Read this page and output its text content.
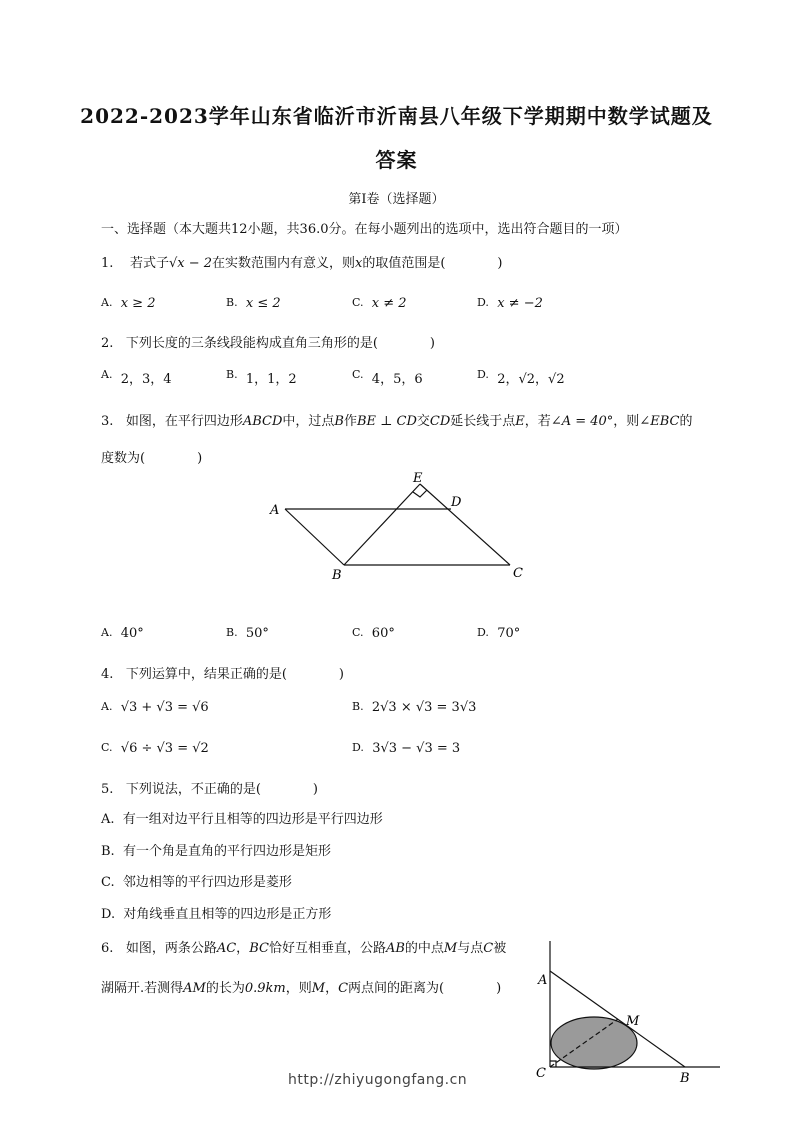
2022-2023学年山东省临沂市沂南县八年级下学期期中数学试题及
答案
第Ⅰ卷（选择题）
一、选择题（本大题共12小题，共36.0分。在每小题列出的选项中，选出符合题目的一项）
1. 若式子√x − 2在实数范围内有意义，则x的取值范围是(　　　　)
$^{A.}$ x ≥ 2	$^{B.}$ x ≤ 2	$^{C.}$ x ≠ 2	$^{D.}$ x ≠ −2
2. 下列长度的三条线段能构成直角三角形的是(　　　　)
$^{A.}$ 2，3，4	$^{B.}$ 1，1，2	$^{C.}$ 4，5，6	$^{D.}$ 2，√2，√2
3. 如图，在平行四边形ABCD中，过点B作BE ⊥ CD交CD延长线于点E，若∠A = 40°，则∠EBC的
度数为(　　　　)
A
B	C
D
E
$^{A.}$ 40°	$^{B.}$ 50°	$^{C.}$ 60°	$^{D.}$ 70°
4. 下列运算中，结果正确的是(　　　　)
$^{A.}$ √3 + √3 = √6	$^{B.}$ 2√3 × √3 = 3√3
$^{C.}$ √6 ÷ √3 = √2	$^{D.}$ 3√3 − √3 = 3
5. 下列说法，不正确的是(　　　　)
A. 有一组对边平行且相等的四边形是平行四边形
B. 有一个角是直角的平行四边形是矩形
C. 邻边相等的平行四边形是菱形
D. 对角线垂直且相等的四边形是正方形
6. 如图，两条公路AC，BC恰好互相垂直，公路AB的中点M与点C被
湖隔开.若测得AM的长为0.9km，则M，C两点间的距离为(　　　　)
A
M
C	B
http://zhiyugongfang.cn
